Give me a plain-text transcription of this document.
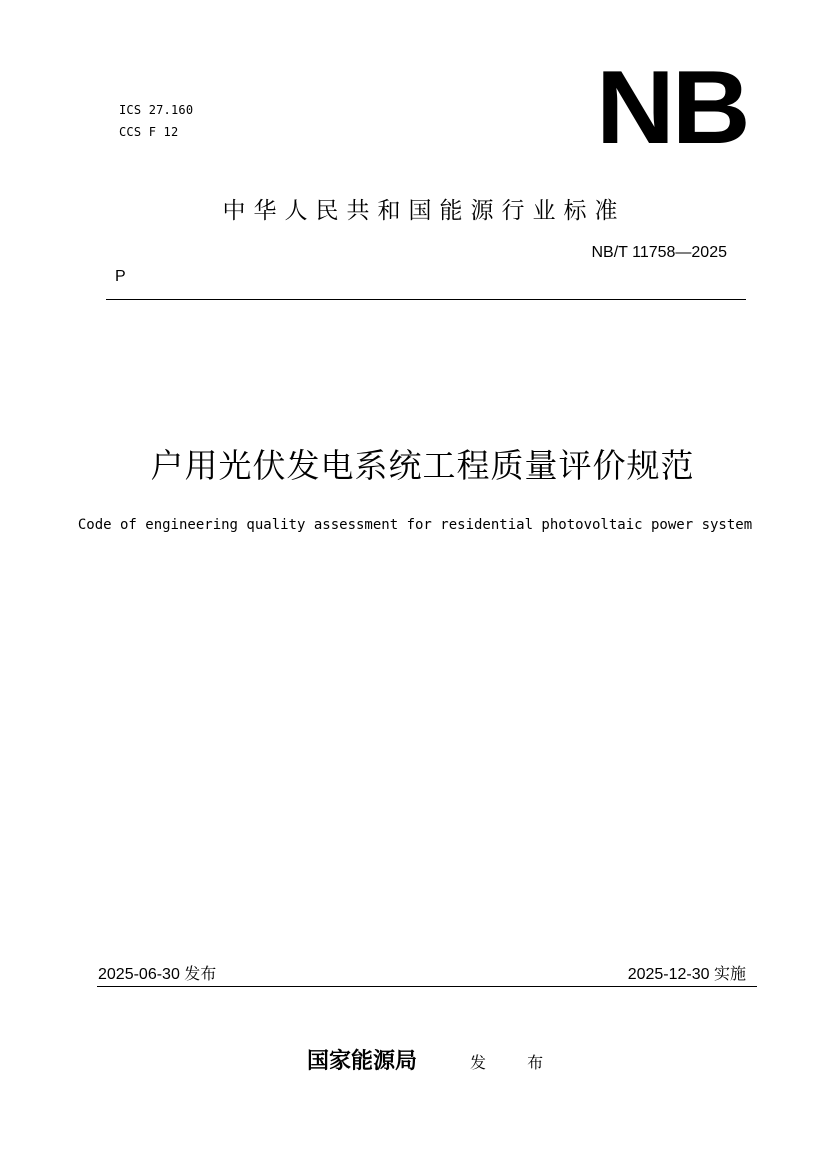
ICS 27.160
CCS F 12	NB
中华人民共和国能源行业标准
NB/T 11758—2025
P
户用光伏发电系统工程质量评价规范
Code of engineering quality assessment for residential photovoltaic power system
2025-06-30 发布	2025-12-30 实施
国家能源局	发 布
